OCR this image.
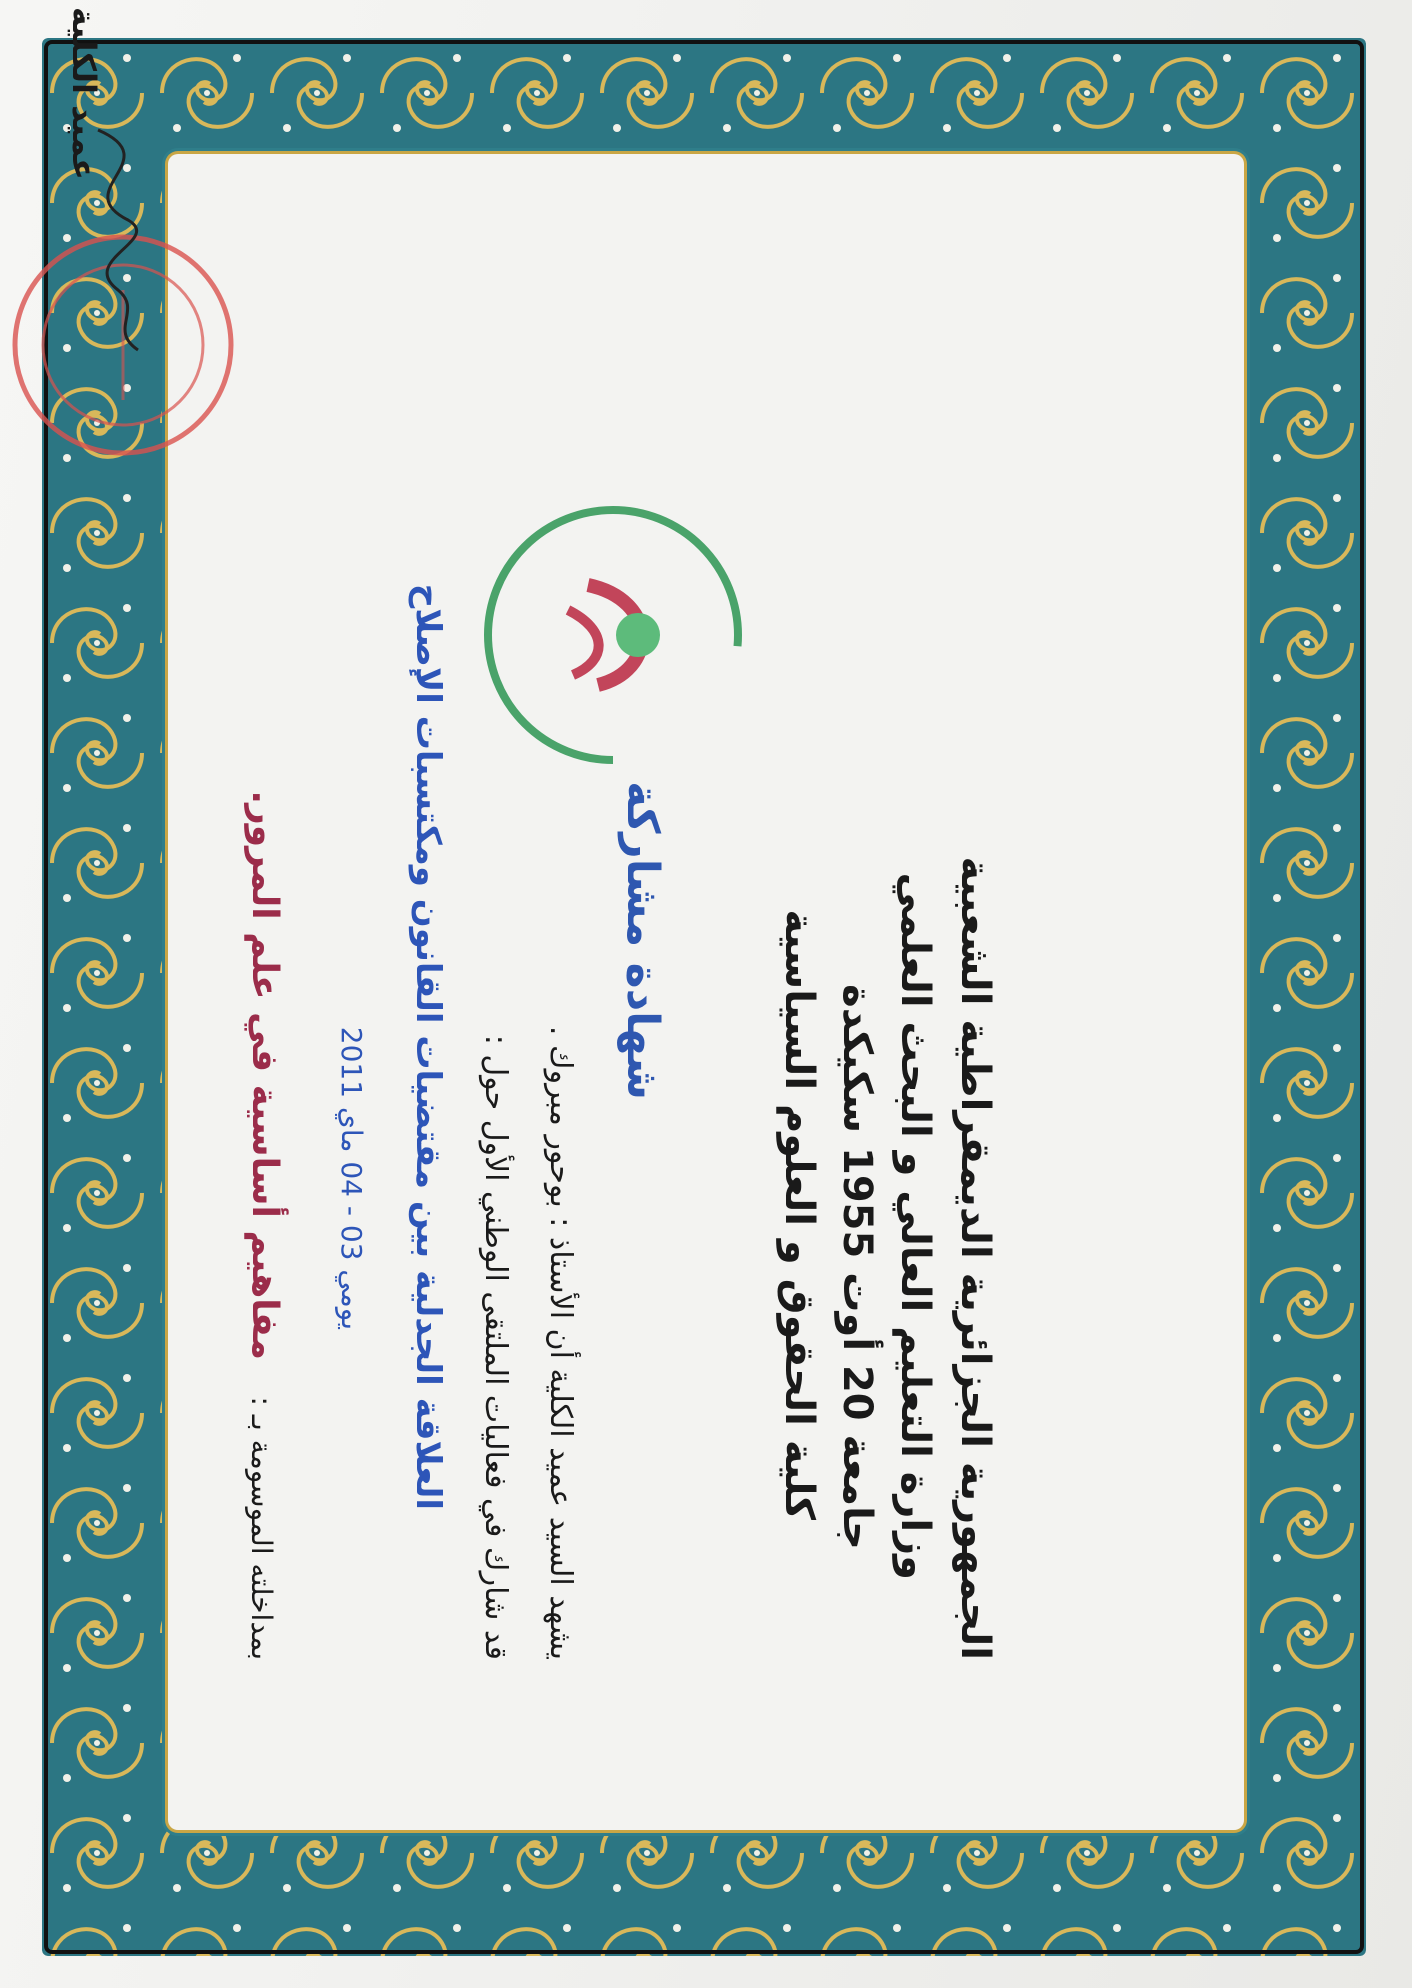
الجمهورية الجزائرية الديمقراطية الشعبية
وزارة التعليم العالي و البحث العلمي
جامعة 20 أوت 1955 سكيكدة
كلية الحقوق و العلوم السياسية
شهادة مشاركة
يشهد السيد عميد الكلية أن الأستاذ : بوحور مبروك .
قد شارك في فعاليات الملتقى الوطني الأول حول :
العلاقة الجدلية بين مقتضيات القانون ومكتسبات الإصلاح
يومي 03 - 04 ماي 2011
بمداخلته الموسومة بـ :
مفاهيم أساسية في علم المرور.
عميد الكلية
